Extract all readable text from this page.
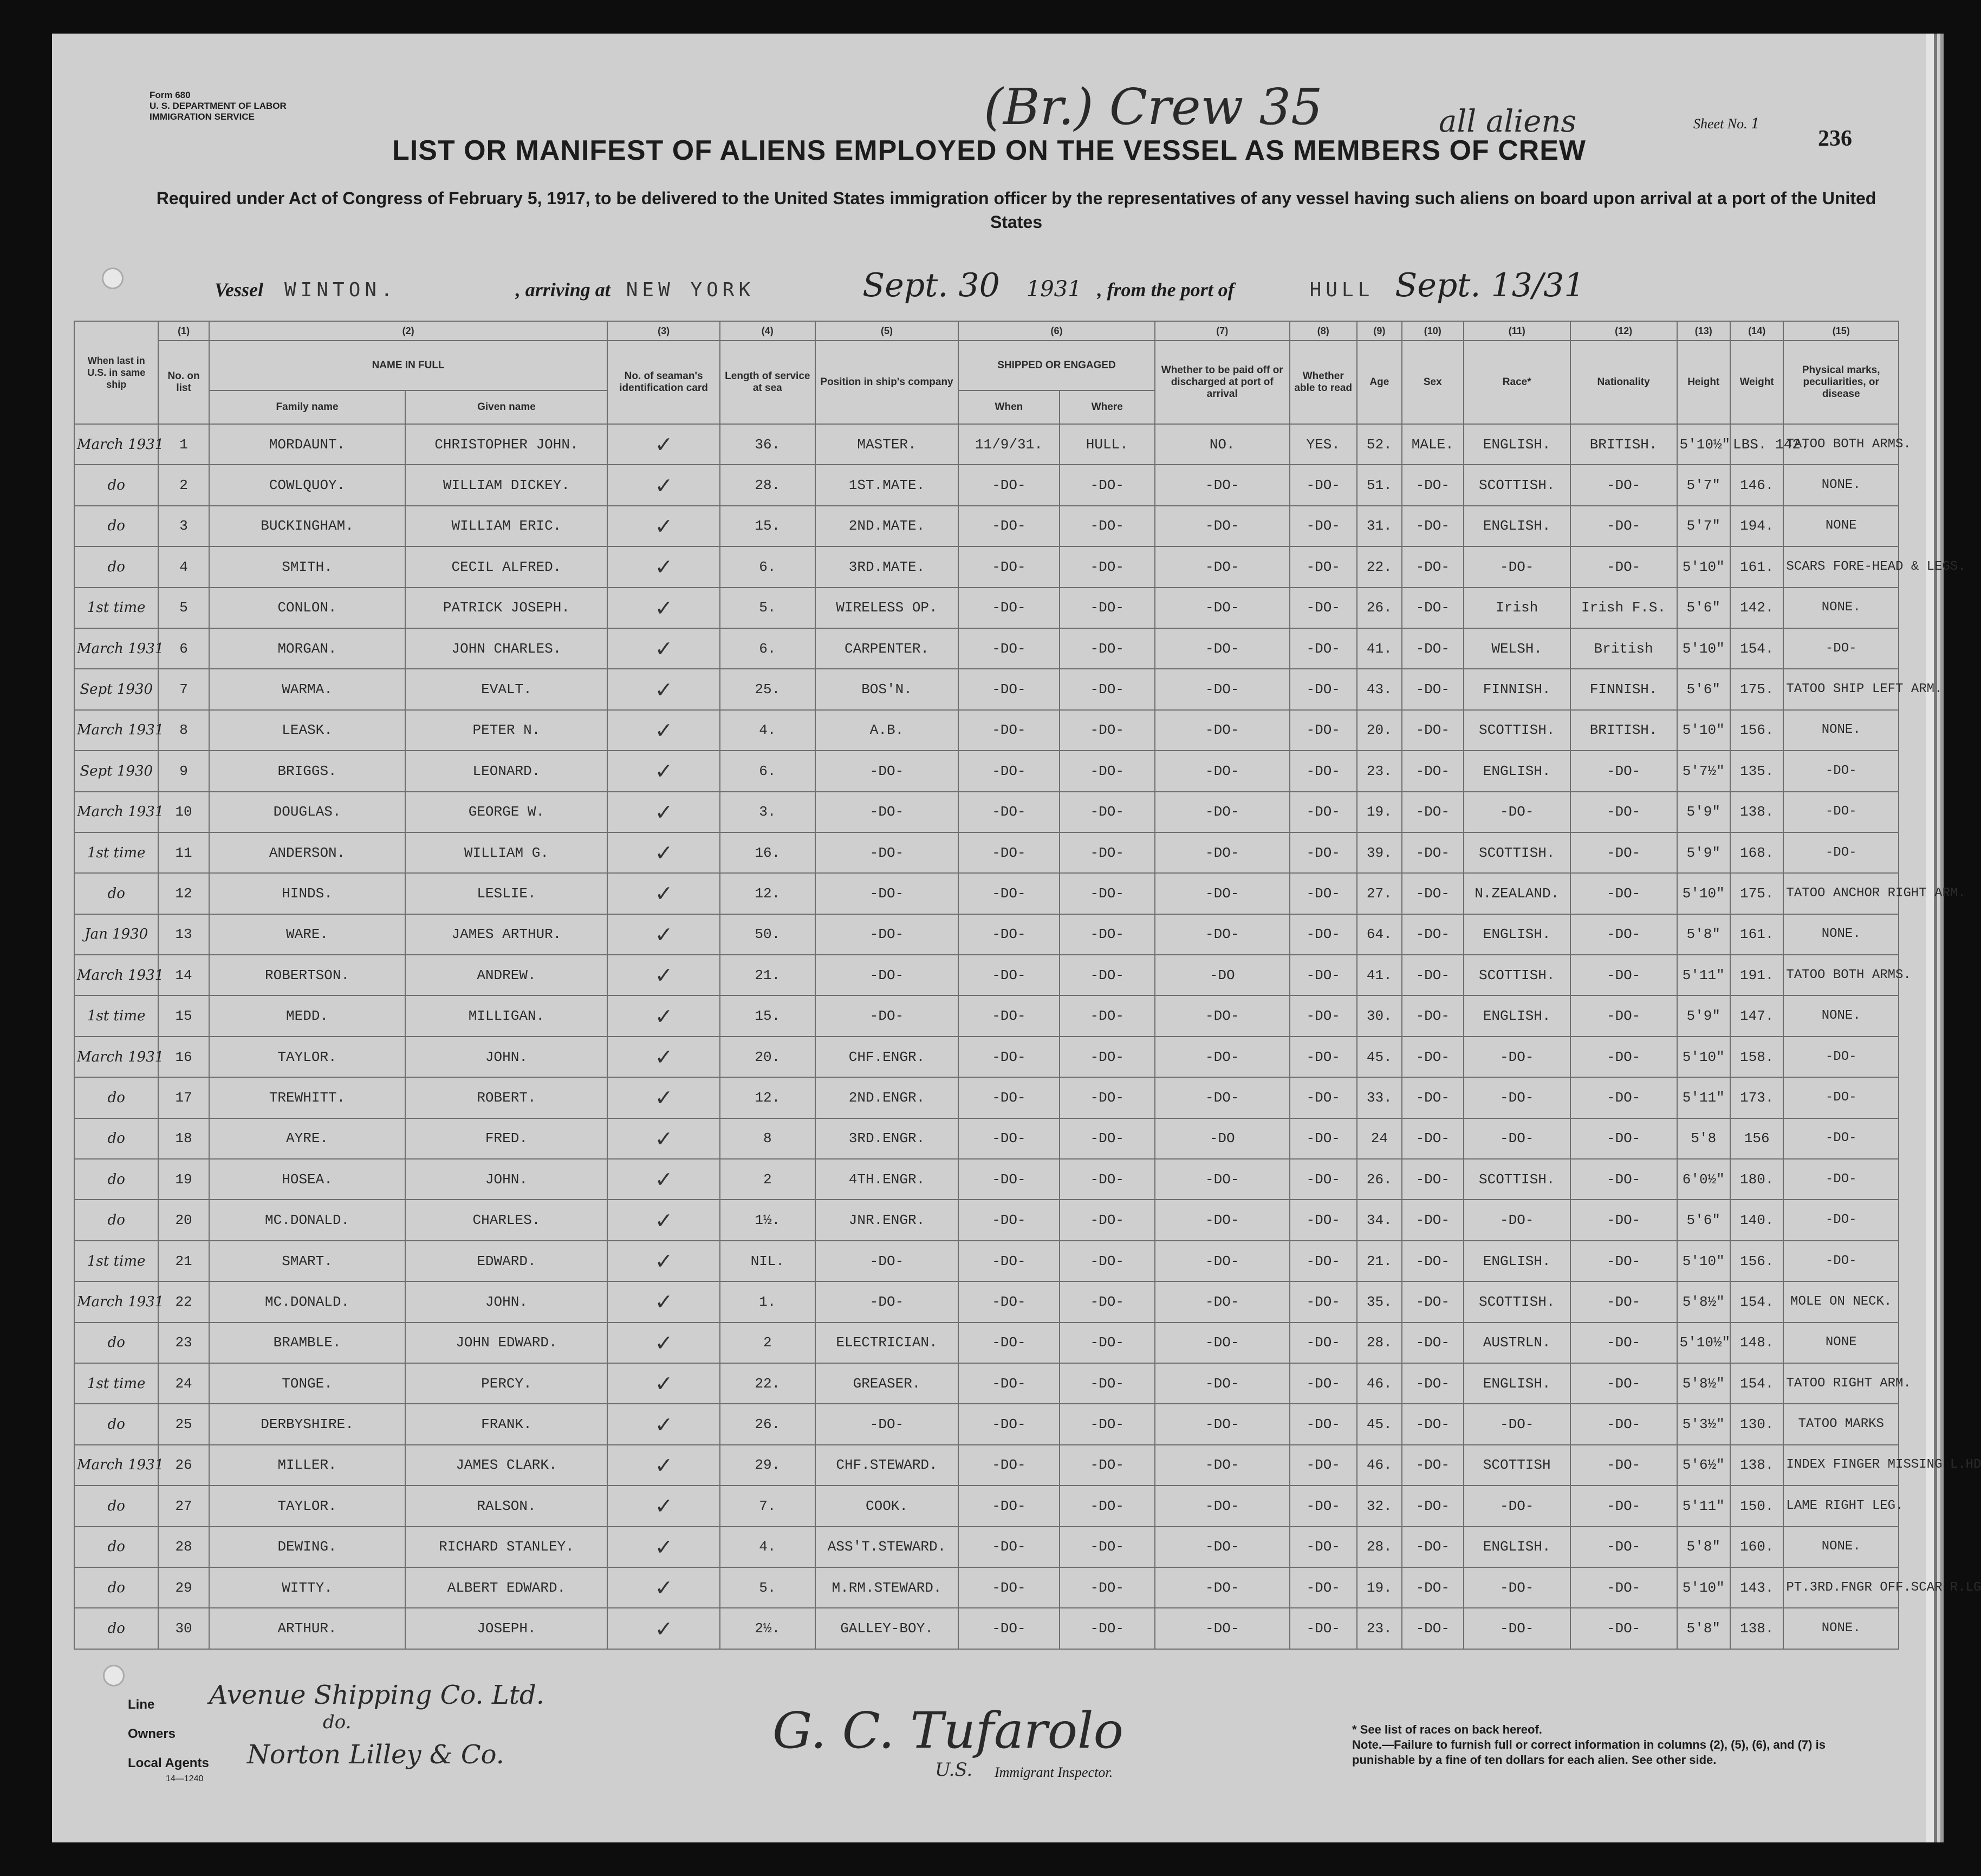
Form 680
U. S. DEPARTMENT OF LABOR
IMMIGRATION SERVICE	(Br.) Crew 35	all aliens	Sheet No. 1
236
LIST OR MANIFEST OF ALIENS EMPLOYED ON THE VESSEL AS MEMBERS OF CREW
Required under Act of Congress of February 5, 1917, to be delivered to the United States immigration officer by the representatives of any vessel having such aliens on board upon arrival at a port of the United States
Vessel WINTON.	, arriving at NEW YORK	Sept. 30 1931 , from the port of	HULL Sept. 13/31
When last in U.S. in same ship	(1)	(2)		(3)	(4)	(5)	(6)		(7)	(8)	(9)	(10)	(11)	(12)	(13)	(14)	(15)
	No. on list	NAME IN FULL		No. of seaman's identification card	Length of service at sea	Position in ship's company	SHIPPED OR ENGAGED		Whether to be paid off or discharged at port of arrival	Whether able to read	Age	Sex	Race*	Nationality	Height	Weight	Physical marks, peculiarities, or disease
		Family name	Given name				When	Where									
March 1931	1	MORDAUNT.	CHRISTOPHER JOHN.	✓	36.	MASTER.	11/9/31.	HULL.	NO.	YES.	52.	MALE.	ENGLISH.	BRITISH.	5'10½"	LBS. 142.	TATOO BOTH ARMS.
do	2	COWLQUOY.	WILLIAM DICKEY.	✓	28.	1ST.MATE.	-DO-	-DO-	-DO-	-DO-	51.	-DO-	SCOTTISH.	-DO-	5'7"	146.	NONE.
do	3	BUCKINGHAM.	WILLIAM ERIC.	✓	15.	2ND.MATE.	-DO-	-DO-	-DO-	-DO-	31.	-DO-	ENGLISH.	-DO-	5'7"	194.	NONE
do	4	SMITH.	CECIL ALFRED.	✓	6.	3RD.MATE.	-DO-	-DO-	-DO-	-DO-	22.	-DO-	-DO-	-DO-	5'10"	161.	SCARS FORE-HEAD & LEGS.
1st time	5	CONLON.	PATRICK JOSEPH.	✓	5.	WIRELESS OP.	-DO-	-DO-	-DO-	-DO-	26.	-DO-	Irish	Irish F.S.	5'6"	142.	NONE.
March 1931	6	MORGAN.	JOHN CHARLES.	✓	6.	CARPENTER.	-DO-	-DO-	-DO-	-DO-	41.	-DO-	WELSH.	British	5'10"	154.	-DO-
Sept 1930	7	WARMA.	EVALT.	✓	25.	BOS'N.	-DO-	-DO-	-DO-	-DO-	43.	-DO-	FINNISH.	FINNISH.	5'6"	175.	TATOO SHIP LEFT ARM.
March 1931	8	LEASK.	PETER N.	✓	4.	A.B.	-DO-	-DO-	-DO-	-DO-	20.	-DO-	SCOTTISH.	BRITISH.	5'10"	156.	NONE.
Sept 1930	9	BRIGGS.	LEONARD.	✓	6.	-DO-	-DO-	-DO-	-DO-	-DO-	23.	-DO-	ENGLISH.	-DO-	5'7½"	135.	-DO-
March 1931	10	DOUGLAS.	GEORGE W.	✓	3.	-DO-	-DO-	-DO-	-DO-	-DO-	19.	-DO-	-DO-	-DO-	5'9"	138.	-DO-
1st time	11	ANDERSON.	WILLIAM G.	✓	16.	-DO-	-DO-	-DO-	-DO-	-DO-	39.	-DO-	SCOTTISH.	-DO-	5'9"	168.	-DO-
do	12	HINDS.	LESLIE.	✓	12.	-DO-	-DO-	-DO-	-DO-	-DO-	27.	-DO-	N.ZEALAND.	-DO-	5'10"	175.	TATOO ANCHOR RIGHT ARM.
Jan 1930	13	WARE.	JAMES ARTHUR.	✓	50.	-DO-	-DO-	-DO-	-DO-	-DO-	64.	-DO-	ENGLISH.	-DO-	5'8"	161.	NONE.
March 1931	14	ROBERTSON.	ANDREW.	✓	21.	-DO-	-DO-	-DO-	-DO	-DO-	41.	-DO-	SCOTTISH.	-DO-	5'11"	191.	TATOO BOTH ARMS.
1st time	15	MEDD.	MILLIGAN.	✓	15.	-DO-	-DO-	-DO-	-DO-	-DO-	30.	-DO-	ENGLISH.	-DO-	5'9"	147.	NONE.
March 1931	16	TAYLOR.	JOHN.	✓	20.	CHF.ENGR.	-DO-	-DO-	-DO-	-DO-	45.	-DO-	-DO-	-DO-	5'10"	158.	-DO-
do	17	TREWHITT.	ROBERT.	✓	12.	2ND.ENGR.	-DO-	-DO-	-DO-	-DO-	33.	-DO-	-DO-	-DO-	5'11"	173.	-DO-
do	18	AYRE.	FRED.	✓	8	3RD.ENGR.	-DO-	-DO-	-DO	-DO-	24	-DO-	-DO-	-DO-	5'8	156	-DO-
do	19	HOSEA.	JOHN.	✓	2	4TH.ENGR.	-DO-	-DO-	-DO-	-DO-	26.	-DO-	SCOTTISH.	-DO-	6'0½"	180.	-DO-
do	20	MC.DONALD.	CHARLES.	✓	1½.	JNR.ENGR.	-DO-	-DO-	-DO-	-DO-	34.	-DO-	-DO-	-DO-	5'6"	140.	-DO-
1st time	21	SMART.	EDWARD.	✓	NIL.	-DO-	-DO-	-DO-	-DO-	-DO-	21.	-DO-	ENGLISH.	-DO-	5'10"	156.	-DO-
March 1931	22	MC.DONALD.	JOHN.	✓	1.	-DO-	-DO-	-DO-	-DO-	-DO-	35.	-DO-	SCOTTISH.	-DO-	5'8½"	154.	MOLE ON NECK.
do	23	BRAMBLE.	JOHN EDWARD.	✓	2	ELECTRICIAN.	-DO-	-DO-	-DO-	-DO-	28.	-DO-	AUSTRLN.	-DO-	5'10½"	148.	NONE
1st time	24	TONGE.	PERCY.	✓	22.	GREASER.	-DO-	-DO-	-DO-	-DO-	46.	-DO-	ENGLISH.	-DO-	5'8½"	154.	TATOO RIGHT ARM.
do	25	DERBYSHIRE.	FRANK.	✓	26.	-DO-	-DO-	-DO-	-DO-	-DO-	45.	-DO-	-DO-	-DO-	5'3½"	130.	TATOO MARKS
March 1931	26	MILLER.	JAMES CLARK.	✓	29.	CHF.STEWARD.	-DO-	-DO-	-DO-	-DO-	46.	-DO-	SCOTTISH	-DO-	5'6½"	138.	INDEX FINGER MISSING L.HD
do	27	TAYLOR.	RALSON.	✓	7.	COOK.	-DO-	-DO-	-DO-	-DO-	32.	-DO-	-DO-	-DO-	5'11"	150.	LAME RIGHT LEG.
do	28	DEWING.	RICHARD STANLEY.	✓	4.	ASS'T.STEWARD.	-DO-	-DO-	-DO-	-DO-	28.	-DO-	ENGLISH.	-DO-	5'8"	160.	NONE.
do	29	WITTY.	ALBERT EDWARD.	✓	5.	M.RM.STEWARD.	-DO-	-DO-	-DO-	-DO-	19.	-DO-	-DO-	-DO-	5'10"	143.	PT.3RD.FNGR OFF.SCAR R.LG
do	30	ARTHUR.	JOSEPH.	✓	2½.	GALLEY-BOY.	-DO-	-DO-	-DO-	-DO-	23.	-DO-	-DO-	-DO-	5'8"	138.	NONE.
Line Avenue Shipping Co. Ltd.
Owners
do.
Local Agents Norton Lilley & Co.
14—1240
G. C. Tufarolo
U.S. Immigrant Inspector.
* See list of races on back hereof.
Note.—Failure to furnish full or correct information in columns (2), (5), (6), and (7) is punishable by a fine of ten dollars for each alien. See other side.
